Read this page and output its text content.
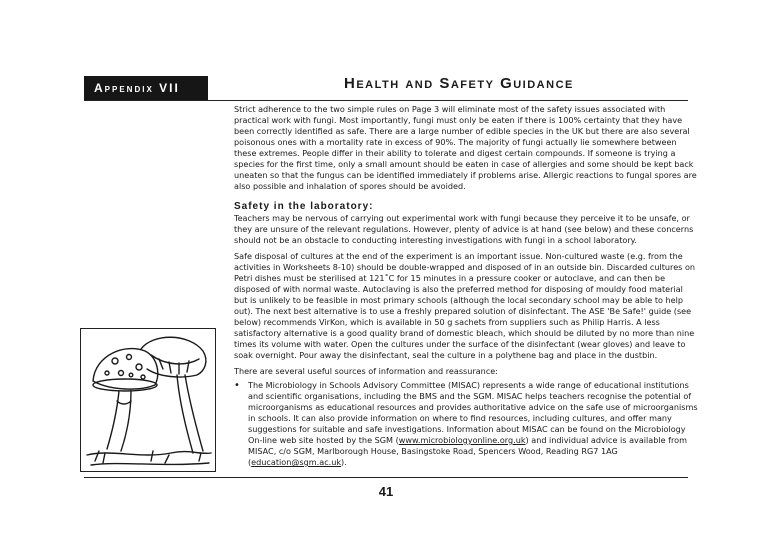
Appendix VII	Health and Safety Guidance

Strict adherence to the two simple rules on Page 3 will eliminate most of the safety issues associated with practical work with fungi. Most importantly, fungi must only be eaten if there is 100% certainty that they have been correctly identified as safe. There are a large number of edible species in the UK but there are also several poisonous ones with a mortality rate in excess of 90%. The majority of fungi actually lie somewhere between these extremes. People differ in their ability to tolerate and digest certain compounds. If someone is trying a species for the first time, only a small amount should be eaten in case of allergies and some should be kept back uneaten so that the fungus can be identified immediately if problems arise. Allergic reactions to fungal spores are also possible and inhalation of spores should be avoided.

Safety in the laboratory:

Teachers may be nervous of carrying out experimental work with fungi because they perceive it to be unsafe, or they are unsure of the relevant regulations. However, plenty of advice is at hand (see below) and these concerns should not be an obstacle to conducting interesting investigations with fungi in a school laboratory.

Safe disposal of cultures at the end of the experiment is an important issue. Non-cultured waste (e.g. from the activities in Worksheets 8-10) should be double-wrapped and disposed of in an outside bin. Discarded cultures on Petri dishes must be sterilised at 121˚C for 15 minutes in a pressure cooker or autoclave, and can then be disposed of with normal waste. Autoclaving is also the preferred method for disposing of mouldy food material but is unlikely to be feasible in most primary schools (although the local secondary school may be able to help out). The next best alternative is to use a freshly prepared solution of disinfectant. The ASE 'Be Safe!' guide (see below) recommends VirKon, which is available in 50 g sachets from suppliers such as Philip Harris. A less satisfactory alternative is a good quality brand of domestic bleach, which should be diluted by no more than nine times its volume with water. Open the cultures under the surface of the disinfectant (wear gloves) and leave to soak overnight. Pour away the disinfectant, seal the culture in a polythene bag and place in the dustbin.

There are several useful sources of information and reassurance:

• The Microbiology in Schools Advisory Committee (MISAC) represents a wide range of educational institutions and scientific organisations, including the BMS and the SGM. MISAC helps teachers recognise the potential of microorganisms as educational resources and provides authoritative advice on the safe use of microorganisms in schools. It can also provide information on where to find resources, including cultures, and offer many suggestions for suitable and safe investigations. Information about MISAC can be found on the Microbiology On-line web site hosted by the SGM (www.microbiologyonline.org.uk) and individual advice is available from MISAC, c/o SGM, Marlborough House, Basingstoke Road, Spencers Wood, Reading RG7 1AG (education@sgm.ac.uk).
41
